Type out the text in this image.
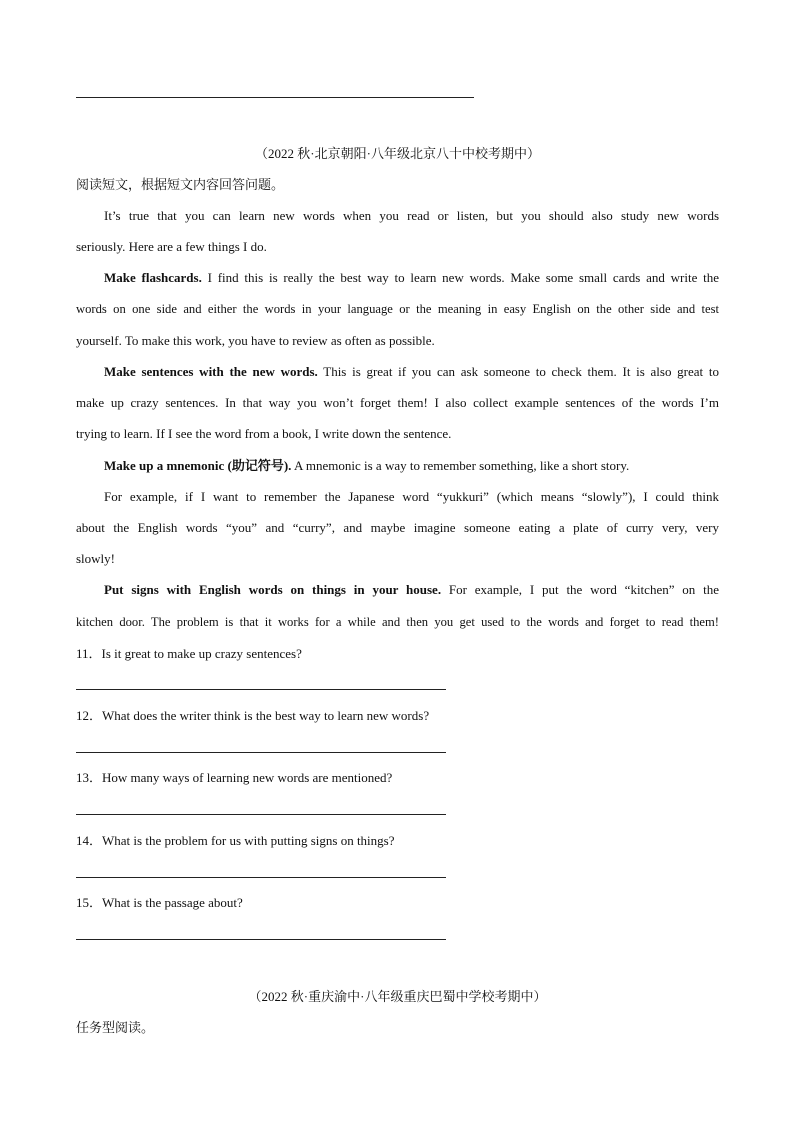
（2022 秋·北京朝阳·八年级北京八十中校考期中）
阅读短文，根据短文内容回答问题。
It’s true that you can learn new words when you read or listen, but you should also study new words
seriously. Here are a few things I do.
Make flashcards. I find this is really the best way to learn new words. Make some small cards and write the
words on one side and either the words in your language or the meaning in easy English on the other side and test
yourself. To make this work, you have to review as often as possible.
Make sentences with the new words. This is great if you can ask someone to check them. It is also great to
make up crazy sentences. In that way you won’t forget them! I also collect example sentences of the words I’m
trying to learn. If I see the word from a book, I write down the sentence.
Make up a mnemonic (助记符号). A mnemonic is a way to remember something, like a short story.
For example, if I want to remember the Japanese word “yukkuri” (which means “slowly”), I could think
about the English words “you” and “curry”, and maybe imagine someone eating a plate of curry very, very
slowly!
Put signs with English words on things in your house. For example, I put the word “kitchen” on the
kitchen door. The problem is that it works for a while and then you get used to the words and forget to read them!
11．Is it great to make up crazy sentences?
12．What does the writer think is the best way to learn new words?
13．How many ways of learning new words are mentioned?
14．What is the problem for us with putting signs on things?
15．What is the passage about?
（2022 秋·重庆渝中·八年级重庆巴蜀中学校考期中）
任务型阅读。
